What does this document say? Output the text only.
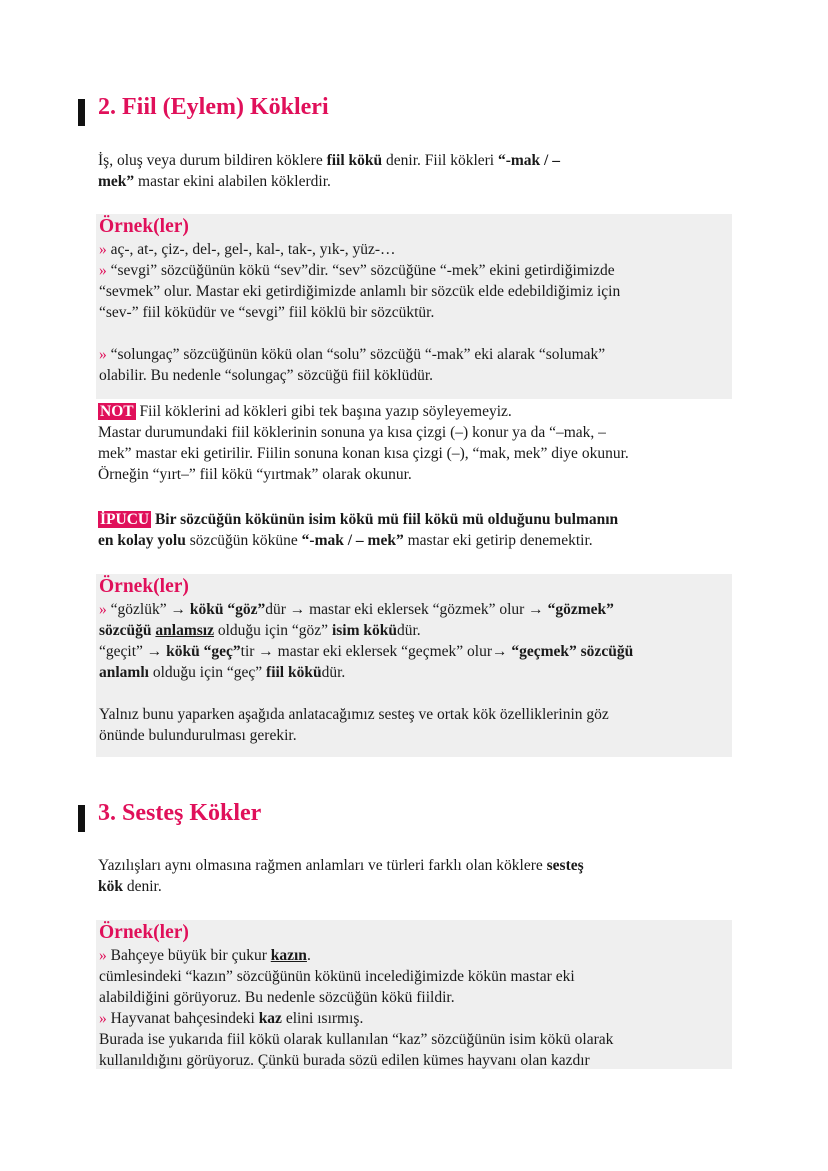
2. Fiil (Eylem) Kökleri

İş, oluş veya durum bildiren köklere fiil kökü denir. Fiil kökleri “-mak / –

mek” mastar ekini alabilen köklerdir.

Örnek(ler)

» aç-, at-, çiz-, del-, gel-, kal-, tak-, yık-, yüz-…

» “sevgi” sözcüğünün kökü “sev”dir. “sev” sözcüğüne “-mek” ekini getirdiğimizde

“sevmek” olur. Mastar eki getirdiğimizde anlamlı bir sözcük elde edebildiğimiz için

“sev-” fiil köküdür ve “sevgi” fiil köklü bir sözcüktür.

» “solungaç” sözcüğünün kökü olan “solu” sözcüğü “-mak” eki alarak “solumak”

olabilir. Bu nedenle “solungaç” sözcüğü fiil köklüdür.

NOT Fiil köklerini ad kökleri gibi tek başına yazıp söyleyemeyiz.

Mastar durumundaki fiil köklerinin sonuna ya kısa çizgi (–) konur ya da “–mak, –

mek” mastar eki getirilir. Fiilin sonuna konan kısa çizgi (–), “mak, mek” diye okunur.

Örneğin “yırt–” fiil kökü “yırtmak” olarak okunur.

İPUCU Bir sözcüğün kökünün isim kökü mü fiil kökü mü olduğunu bulmanın

en kolay yolu sözcüğün köküne “-mak / – mek” mastar eki getirip denemektir.

Örnek(ler)

» “gözlük” → kökü “göz”dür → mastar eki eklersek “gözmek” olur → “gözmek”

sözcüğü anlamsız olduğu için “göz” isim köküdür.

“geçit” → kökü “geç”tir → mastar eki eklersek “geçmek” olur→ “geçmek” sözcüğü

anlamlı olduğu için “geç” fiil köküdür.

Yalnız bunu yaparken aşağıda anlatacağımız sesteş ve ortak kök özelliklerinin göz

önünde bulundurulması gerekir.

3. Sesteş Kökler

Yazılışları aynı olmasına rağmen anlamları ve türleri farklı olan köklere sesteş

kök denir.

Örnek(ler)

» Bahçeye büyük bir çukur kazın.

cümlesindeki “kazın” sözcüğünün kökünü incelediğimizde kökün mastar eki

alabildiğini görüyoruz. Bu nedenle sözcüğün kökü fiildir.

» Hayvanat bahçesindeki kaz elini ısırmış.

Burada ise yukarıda fiil kökü olarak kullanılan “kaz” sözcüğünün isim kökü olarak

kullanıldığını görüyoruz. Çünkü burada sözü edilen kümes hayvanı olan kazdır
